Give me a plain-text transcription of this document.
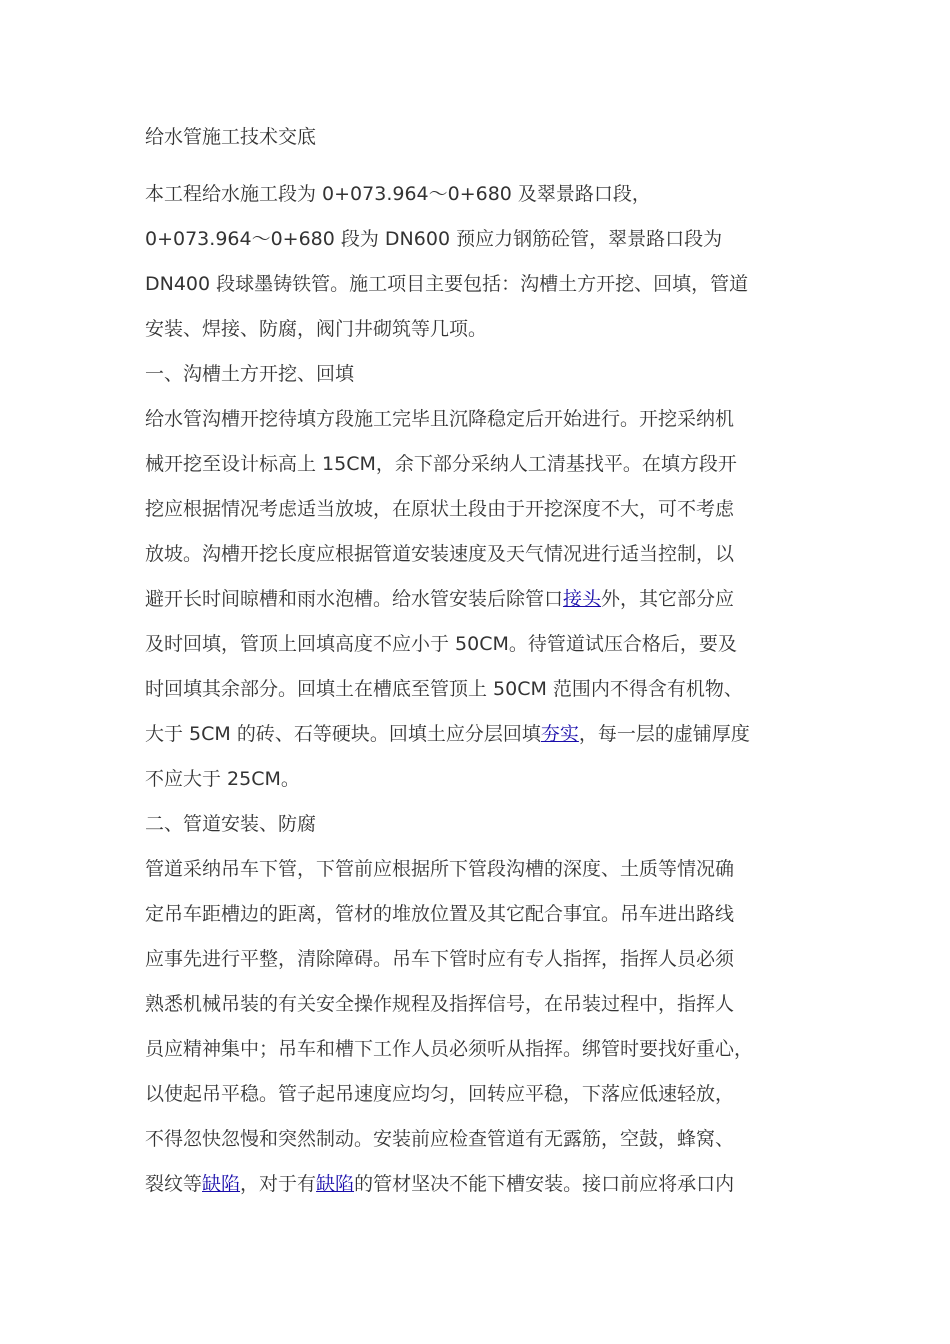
给水管施工技术交底
本工程给水施工段为 0+073.964～0+680 及翠景路口段，
0+073.964～0+680 段为 DN600 预应力钢筋砼管，翠景路口段为
DN400 段球墨铸铁管。施工项目主要包括：沟槽土方开挖、回填，管道
安装、焊接、防腐，阀门井砌筑等几项。
一、沟槽土方开挖、回填
给水管沟槽开挖待填方段施工完毕且沉降稳定后开始进行。开挖采纳机
械开挖至设计标高上 15CM，余下部分采纳人工清基找平。在填方段开
挖应根据情况考虑适当放坡，在原状土段由于开挖深度不大，可不考虑
放坡。沟槽开挖长度应根据管道安装速度及天气情况进行适当控制，以
避开长时间晾槽和雨水泡槽。给水管安装后除管口接头外，其它部分应
及时回填，管顶上回填高度不应小于 50CM。待管道试压合格后，要及
时回填其余部分。回填土在槽底至管顶上 50CM 范围内不得含有机物、
大于 5CM 的砖、石等硬块。回填土应分层回填夯实，每一层的虚铺厚度
不应大于 25CM。
二、管道安装、防腐
管道采纳吊车下管，下管前应根据所下管段沟槽的深度、土质等情况确
定吊车距槽边的距离，管材的堆放位置及其它配合事宜。吊车进出路线
应事先进行平整，清除障碍。吊车下管时应有专人指挥，指挥人员必须
熟悉机械吊装的有关安全操作规程及指挥信号，在吊装过程中，指挥人
员应精神集中；吊车和槽下工作人员必须听从指挥。绑管时要找好重心，
以使起吊平稳。管子起吊速度应均匀，回转应平稳，下落应低速轻放，
不得忽快忽慢和突然制动。安装前应检查管道有无露筋，空鼓，蜂窝、
裂纹等缺陷，对于有缺陷的管材坚决不能下槽安装。接口前应将承口内
